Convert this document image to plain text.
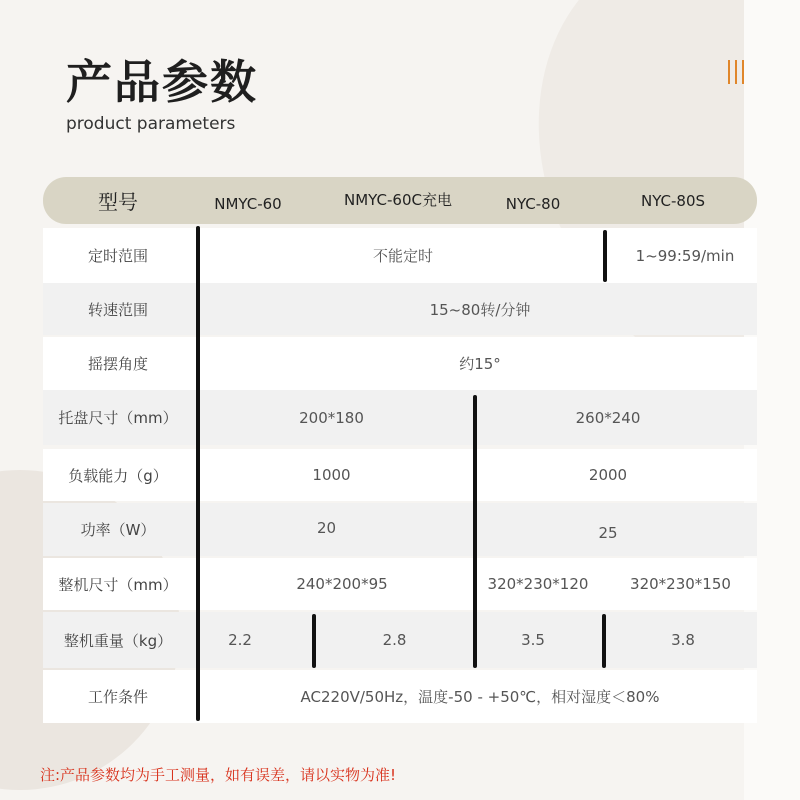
产品参数
product parameters
型号	NMYC-60	NMYC-60C充电	NYC-80	NYC-80S
定时范围	不能定时	1~99:59/min
转速范围	15~80转/分钟
摇摆角度	约15°
托盘尺寸（mm）	200*180	260*240
负载能力（g）	1000	2000
功率（W）	20	25
整机尺寸（mm）	240*200*95	320*230*120	320*230*150
整机重量（kg）	2.2	2.8	3.5	3.8
工作条件	AC220V/50Hz，温度-50 - +50℃，相对湿度＜80%
注:产品参数均为手工测量，如有误差，请以实物为准!
